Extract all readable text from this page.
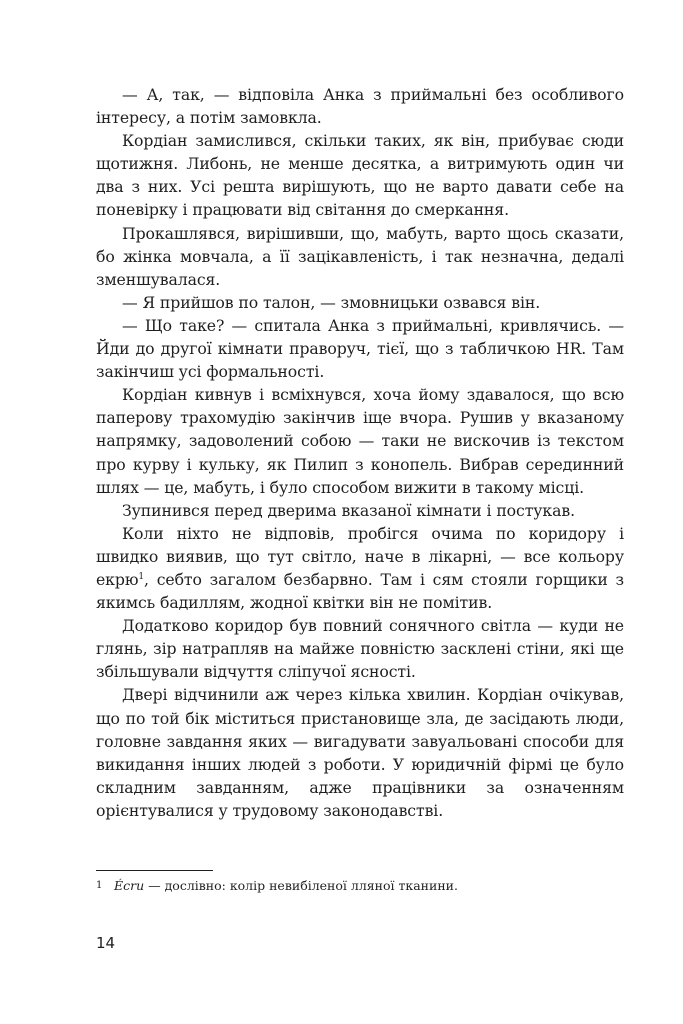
— А, так, — відповіла Анка з приймальні без особливого інтересу, а потім замовкла.

Кордіан замислився, скільки таких, як він, прибуває сюди щотижня. Либонь, не менше десятка, а витримують один чи два з них. Усі решта вирішують, що не варто давати себе на поневірку і працювати від світання до смеркання.

Прокашлявся, вирішивши, що, мабуть, варто щось сказати, бо жінка мовчала, а її зацікавленість, і так незначна, дедалі зменшувалася.

— Я прийшов по талон, — змовницьки озвався він.

— Що таке? — спитала Анка з приймальні, кривлячись. — Йди до другої кімнати праворуч, тієї, що з табличкою HR. Там закінчиш усі формальності.

Кордіан кивнув і всміхнувся, хоча йому здавалося, що всю паперову трахомудію закінчив іще вчора. Рушив у вказаному напрямку, задоволений собою — таки не вискочив із текстом про курву і кульку, як Пилип з конопель. Вибрав серединний шлях — це, мабуть, і було способом вижити в такому місці.

Зупинився перед дверима вказаної кімнати і постукав.

Коли ніхто не відповів, пробігся очима по коридору і швидко виявив, що тут світло, наче в лікарні, — все кольору екрю$^1$, себто загалом безбарвно. Там і сям стояли горщики з якимсь бадиллям, жодної квітки він не помітив.

Додатково коридор був повний сонячного світла — куди не глянь, зір натрапляв на майже повністю засклені стіни, які ще збільшували відчуття сліпучої ясності.

Двері відчинили аж через кілька хвилин. Кордіан очікував, що по той бік міститься пристановище зла, де засідають люди, головне завдання яких — вигадувати завуальовані способи для викидання інших людей з роботи. У юридичній фірмі це було складним завданням, адже працівники за означенням орієнтувалися у трудовому законодавстві.

1 Écru — дослівно: колір невибіленої лляної тканини.
14
